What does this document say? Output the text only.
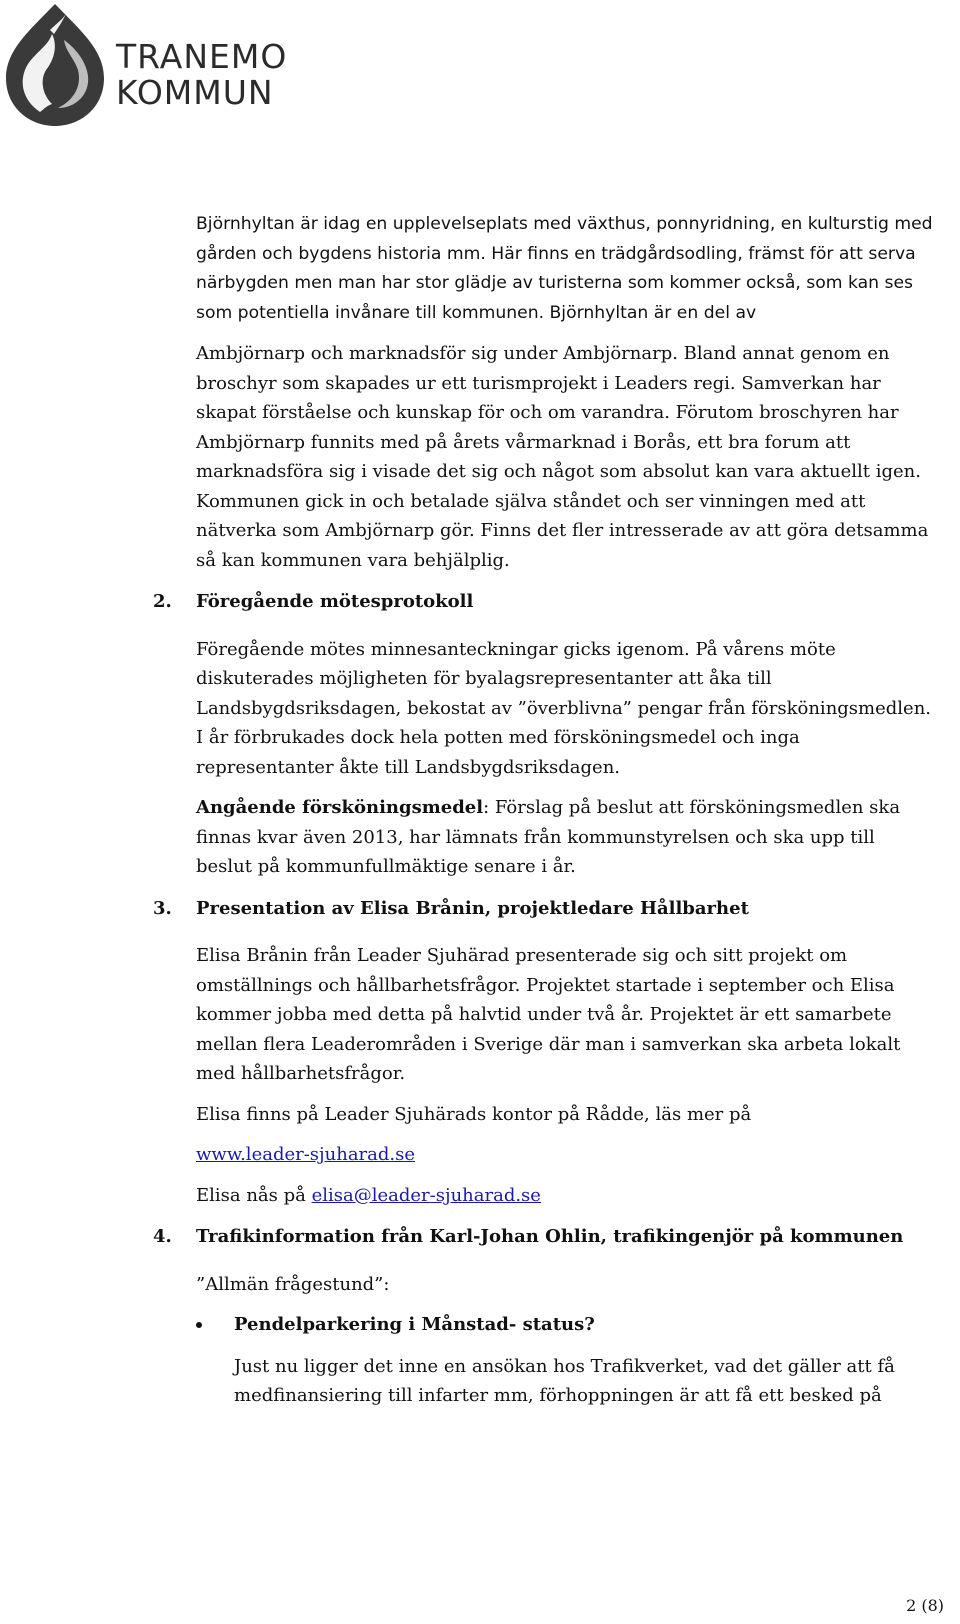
TRANEMO
KOMMUN

Björnhyltan är idag en upplevelseplats med växthus, ponnyridning, en kulturstig med gården och bygdens historia mm. Här finns en trädgårdsodling, främst för att serva närbygden men man har stor glädje av turisterna som kommer också, som kan ses som potentiella invånare till kommunen. Björnhyltan är en del av

Ambjörnarp och marknadsför sig under Ambjörnarp. Bland annat genom en broschyr som skapades ur ett turismprojekt i Leaders regi. Samverkan har skapat förståelse och kunskap för och om varandra. Förutom broschyren har Ambjörnarp funnits med på årets vårmarknad i Borås, ett bra forum att marknadsföra sig i visade det sig och något som absolut kan vara aktuellt igen. Kommunen gick in och betalade själva ståndet och ser vinningen med att nätverka som Ambjörnarp gör. Finns det fler intresserade av att göra detsamma så kan kommunen vara behjälplig.

2. Föregående mötesprotokoll

Föregående mötes minnesanteckningar gicks igenom. På vårens möte diskuterades möjligheten för byalagsrepresentanter att åka till Landsbygdsriksdagen, bekostat av ”överblivna” pengar från försköningsmedlen. I år förbrukades dock hela potten med försköningsmedel och inga representanter åkte till Landsbygdsriksdagen.

Angående försköningsmedel: Förslag på beslut att försköningsmedlen ska finnas kvar även 2013, har lämnats från kommunstyrelsen och ska upp till beslut på kommunfullmäktige senare i år.

3. Presentation av Elisa Brånin, projektledare Hållbarhet

Elisa Brånin från Leader Sjuhärad presenterade sig och sitt projekt om omställnings och hållbarhetsfrågor. Projektet startade i september och Elisa kommer jobba med detta på halvtid under två år. Projektet är ett samarbete mellan flera Leaderområden i Sverige där man i samverkan ska arbeta lokalt med hållbarhetsfrågor.

Elisa finns på Leader Sjuhärads kontor på Rådde, läs mer på

www.leader-sjuharad.se

Elisa nås på elisa@leader-sjuharad.se

4. Trafikinformation från Karl-Johan Ohlin, trafikingenjör på kommunen

”Allmän frågestund”:

Pendelparkering i Månstad- status?

Just nu ligger det inne en ansökan hos Trafikverket, vad det gäller att få medfinansiering till infarter mm, förhoppningen är att få ett besked på

2 (8)
